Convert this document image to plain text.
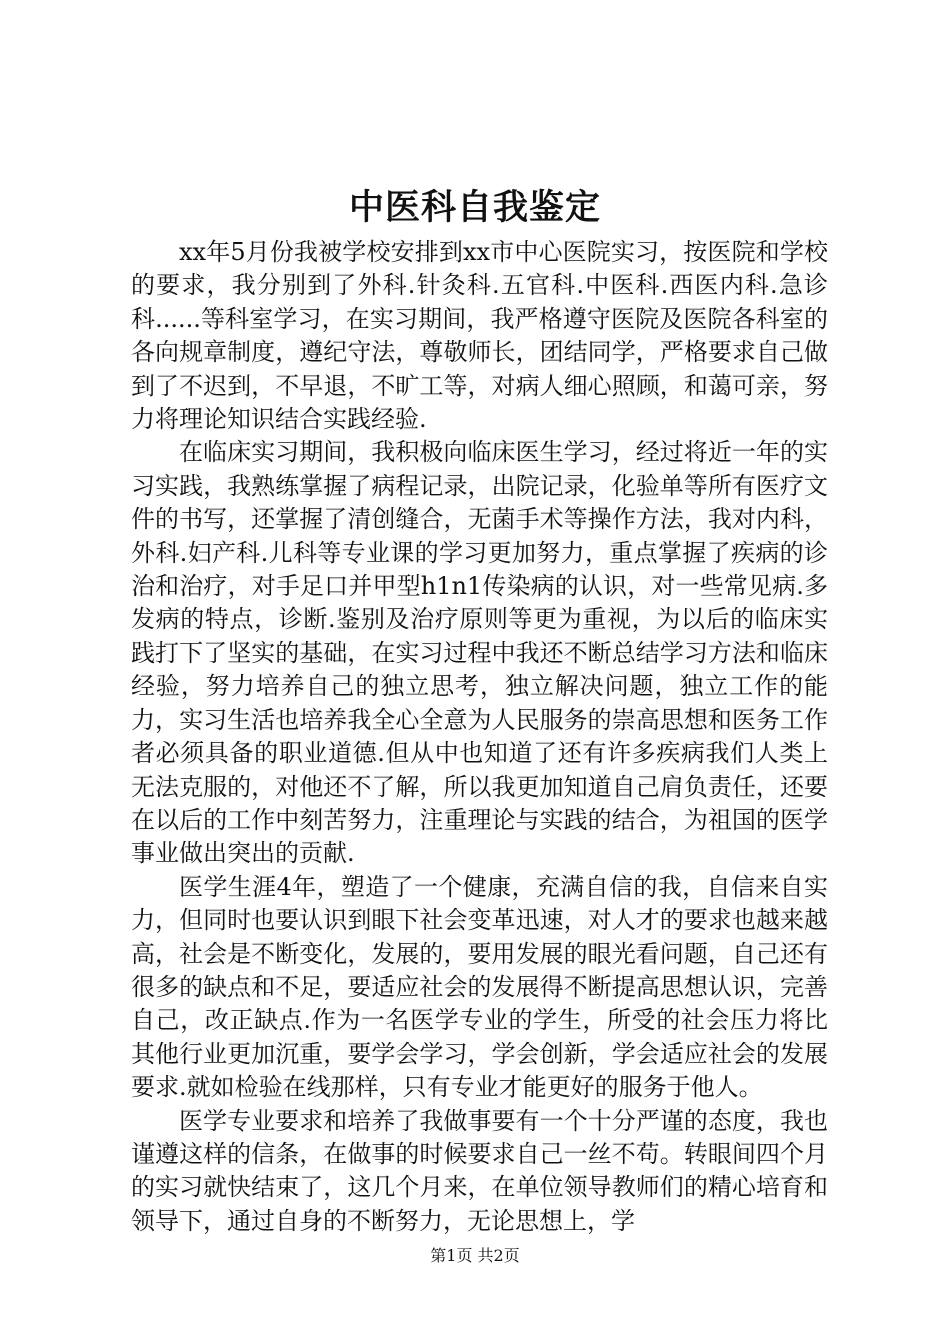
中医科自我鉴定

xx年5月份我被学校安排到xx市中心医院实习，按医院和学校的要求，我分别到了外科.针灸科.五官科.中医科.西医内科.急诊科......等科室学习，在实习期间，我严格遵守医院及医院各科室的各向规章制度，遵纪守法，尊敬师长，团结同学，严格要求自己做到了不迟到，不早退，不旷工等，对病人细心照顾，和蔼可亲，努力将理论知识结合实践经验.

在临床实习期间，我积极向临床医生学习，经过将近一年的实习实践，我熟练掌握了病程记录，出院记录，化验单等所有医疗文件的书写，还掌握了清创缝合，无菌手术等操作方法，我对内科，外科.妇产科.儿科等专业课的学习更加努力，重点掌握了疾病的诊治和治疗，对手足口并甲型h1n1传染病的认识，对一些常见病.多发病的特点，诊断.鉴别及治疗原则等更为重视，为以后的临床实践打下了坚实的基础，在实习过程中我还不断总结学习方法和临床经验，努力培养自己的独立思考，独立解决问题，独立工作的能力，实习生活也培养我全心全意为人民服务的崇高思想和医务工作者必须具备的职业道德.但从中也知道了还有许多疾病我们人类上无法克服的，对他还不了解，所以我更加知道自己肩负责任，还要在以后的工作中刻苦努力，注重理论与实践的结合，为祖国的医学事业做出突出的贡献.

医学生涯4年，塑造了一个健康，充满自信的我，自信来自实力，但同时也要认识到眼下社会变革迅速，对人才的要求也越来越高，社会是不断变化，发展的，要用发展的眼光看问题，自己还有很多的缺点和不足，要适应社会的发展得不断提高思想认识，完善自己，改正缺点.作为一名医学专业的学生，所受的社会压力将比其他行业更加沉重，要学会学习，学会创新，学会适应社会的发展要求.就如检验在线那样，只有专业才能更好的服务于他人。

医学专业要求和培养了我做事要有一个十分严谨的态度，我也谨遵这样的信条，在做事的时候要求自己一丝不苟。转眼间四个月的实习就快结束了，这几个月来，在单位领导教师们的精心培育和领导下，通过自身的不断努力，无论思想上，学

第1页 共2页
